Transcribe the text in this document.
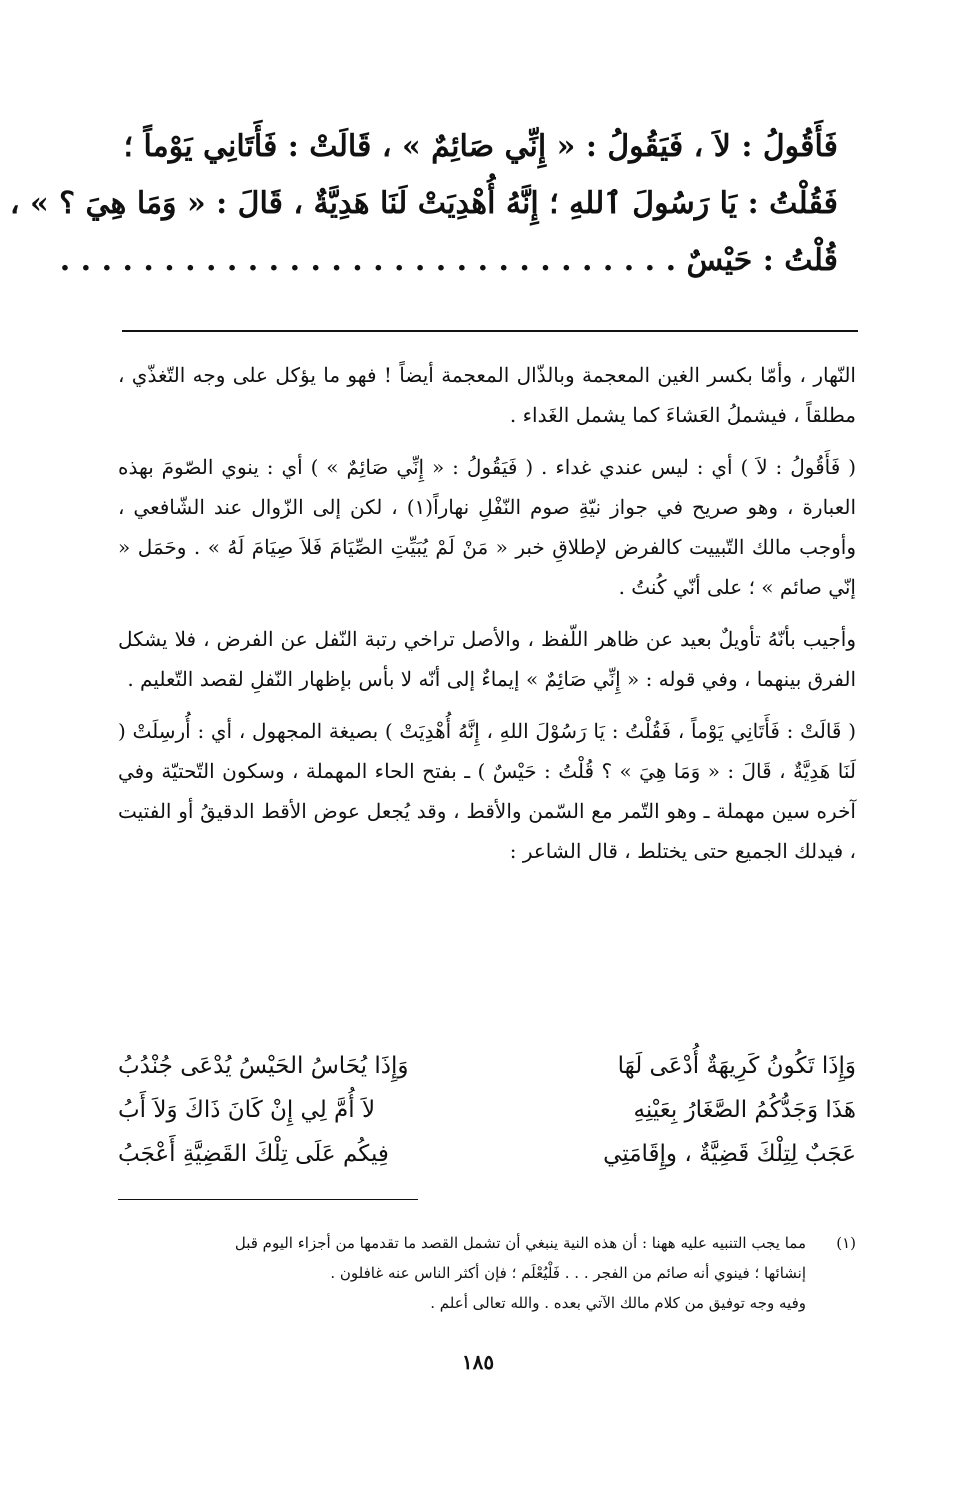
فَأَقُولُ : لاَ ، فَيَقُولُ : « إِنِّي صَائِمٌ » ، قَالَتْ : فَأَتَانِي يَوْماً ؛

فَقُلْتُ : يَا رَسُولَ ٱللهِ ؛ إِنَّهُ أُهْدِيَتْ لَنَا هَدِيَّةٌ ، قَالَ : « وَمَا هِيَ ؟ » ،

قُلْتُ : حَيْسٌ . . . . . . . . . . . . . . . . . . . . . . . . . . . . . .

النّهار ، وأمّا بكسر الغين المعجمة وبالذّال المعجمة أيضاً ! فهو ما يؤكل على وجه التّغذّي ، مطلقاً ، فيشملُ العَشاءَ كما يشمل الغَداء .

( فَأَقُولُ : لاَ ) أي : ليس عندي غداء . ( فَيَقُولُ : « إِنِّي صَائِمٌ » ) أي : ينوي الصّومَ بهذه العبارة ، وهو صريح في جواز نيّةِ صوم النّفْلِ نهاراً(١) ، لكن إلى الزّوال عند الشّافعي ، وأوجب مالك التّبييت كالفرض لإطلاقِ خبر « مَنْ لَمْ يُبَيِّتِ الصِّيَامَ فَلاَ صِيَامَ لَهُ » . وحَمَل « إنّي صائم » ؛ على أنّي كُنتُ .

وأجيب بأنّهُ تأويلٌ بعيد عن ظاهر اللّفظ ، والأصل تراخي رتبة النّفل عن الفرض ، فلا يشكل الفرق بينهما ، وفي قوله : « إِنِّي صَائِمٌ » إيماءٌ إلى أنّه لا بأس بإظهار النّفلِ لقصد التّعليم .

( قَالَتْ : فَأَتَانِي يَوْماً ، فَقُلْتُ : يَا رَسُوْلَ اللهِ ، إِنَّهُ أُهْدِيَتْ ) بصيغة المجهول ، أي : أُرسِلَتْ ( لَنَا هَدِيَّةٌ ، قَالَ : « وَمَا هِيَ » ؟ قُلْتُ : حَيْسٌ ) ـ بفتح الحاء المهملة ، وسكون التّحتيّة وفي آخره سين مهملة ـ وهو التّمر مع السّمن والأقط ، وقد يُجعل عوض الأقط الدقيقُ أو الفتيت ، فيدلك الجميع حتى يختلط ، قال الشاعر :

وَإِذَا تَكُونُ كَرِيهَةٌ أُدْعَى لَهَا
وَإِذَا يُحَاسُ الحَيْسُ يُدْعَى جُنْدُبُ
هَذَا وَجَدُّكُمُ الصَّغَارُ بِعَيْنِهِ
لاَ أُمَّ لِي إِنْ كَانَ ذَاكَ وَلاَ أَبُ
عَجَبٌ لِتِلْكَ قَضِيَّةٌ ، وإِقَامَتِي
فِيكُم عَلَى تِلْكَ القَضِيَّةِ أَعْجَبُ
(١)

مما يجب التنبيه عليه ههنا : أن هذه النية ينبغي أن تشمل القصد ما تقدمها من أجزاء اليوم قبل

إنشائها ؛ فينوي أنه صائم من الفجر . . . فَلْيُعْلَم ؛ فإن أكثر الناس عنه غافلون .

وفيه وجه توفيق من كلام مالك الآتي بعده . والله تعالى أعلم .

١٨٥
